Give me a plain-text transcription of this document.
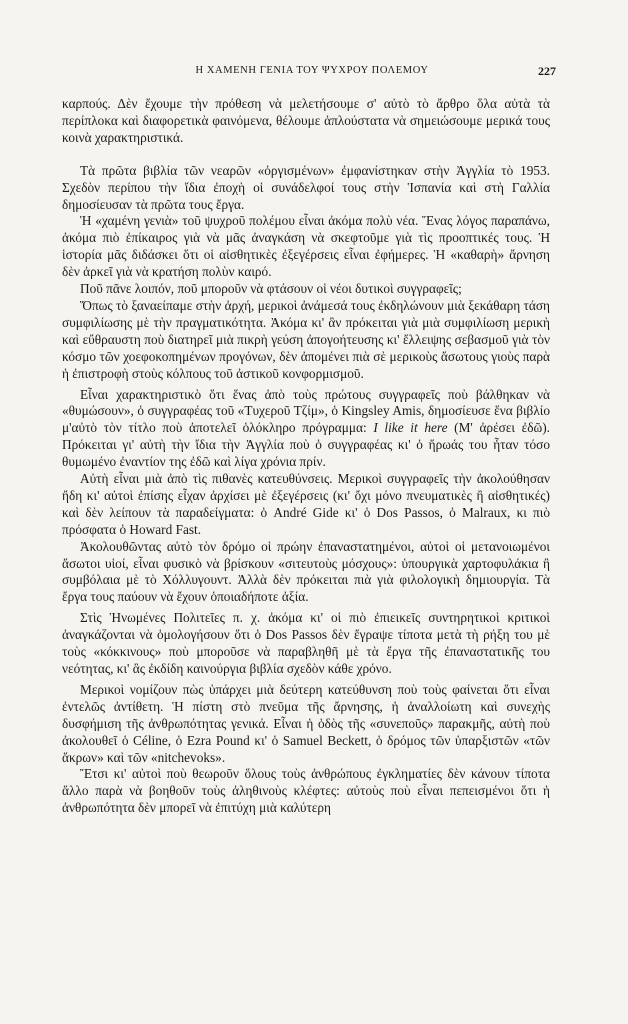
Η ΧΑΜΕΝΗ ΓΕΝΙΑ ΤΟΥ ΨΥΧΡΟΥ ΠΟΛΕΜΟΥ	227

καρπούς. Δὲν ἔχουμε τὴν πρόθεση νὰ μελετήσουμε σ' αὐτὸ τὸ ἄρθρο ὅλα αὐτὰ τὰ περίπλοκα καὶ διαφορετικὰ φαινόμενα, θέλουμε ἁπλούστατα νὰ σημειώσουμε μερικά τους κοινὰ χαρακτηριστικά.

Τὰ πρῶτα βιβλία τῶν νεαρῶν «ὀργισμένων» ἐμφανίστηκαν στὴν Ἀγγλία τὸ 1953. Σχεδὸν περίπου τὴν ἴδια ἐποχὴ οἱ συνάδελφοί τους στὴν Ἱσπανία καὶ στὴ Γαλλία δημοσίευσαν τὰ πρῶτα τους ἔργα.

Ἡ «χαμένη γενιὰ» τοῦ ψυχροῦ πολέμου εἶναι ἀκόμα πολὺ νέα. Ἕνας λόγος παραπάνω, ἀκόμα πιὸ ἐπίκαιρος γιὰ νὰ μᾶς ἀναγκάση νὰ σκεφτοῦμε γιὰ τὶς προοπτικές τους. Ἡ ἱστορία μᾶς διδάσκει ὅτι οἱ αἰσθητικὲς ἐξεγέρσεις εἶναι ἐφήμερες. Ἡ «καθαρὴ» ἄρνηση δὲν ἀρκεῖ γιὰ νὰ κρατήση πολὺν καιρό.

Ποῦ πᾶνε λοιπόν, ποῦ μποροῦν νὰ φτάσουν οἱ νέοι δυτικοὶ συγγραφεῖς;

Ὅπως τὸ ξαναείπαμε στὴν ἀρχή, μερικοὶ ἀνάμεσά τους ἐκδηλώνουν μιὰ ξεκάθαρη τάση συμφιλίωσης μὲ τὴν πραγματικότητα. Ἀκόμα κι' ἂν πρόκειται γιὰ μιὰ συμφιλίωση μερικὴ καὶ εὔθραυστη ποὺ διατηρεῖ μιὰ πικρὴ γεύση ἀπογοήτευσης κι' ἔλλειψης σεβασμοῦ γιὰ τὸν κόσμο τῶν χοεφοκοπημένων προγόνων, δὲν ἀπομένει πιὰ σὲ μερικοὺς ἄσωτους γιοὺς παρὰ ἡ ἐπιστροφὴ στοὺς κόλπους τοῦ ἀστικοῦ κονφορμισμοῦ.

Εἶναι χαρακτηριστικὸ ὅτι ἕνας ἀπὸ τοὺς πρώτους συγγραφεῖς ποὺ βάλθηκαν νὰ «θυμώσουν», ὁ συγγραφέας τοῦ «Τυχεροῦ Τζίμ», ὁ Kingsley Amis, δημοσίευσε ἕνα βιβλίο μ'αὐτὸ τὸν τίτλο ποὺ ἀποτελεῖ ὁλόκληρο πρόγραμμα: I like it here (Μ' ἀρέσει ἐδῶ). Πρόκειται γι' αὐτὴ τὴν ἴδια τὴν Ἀγγλία ποὺ ὁ συγγραφέας κι' ὁ ἥρωάς του ἦταν τόσο θυμωμένο ἐναντίον της ἐδῶ καὶ λίγα χρόνια πρίν.

Αὐτὴ εἶναι μιὰ ἀπὸ τὶς πιθανὲς κατευθύνσεις. Μερικοὶ συγγραφεῖς τὴν ἀκολούθησαν ἤδη κι' αὐτοὶ ἐπίσης εἶχαν ἀρχίσει μὲ ἐξεγέρσεις (κι' ὄχι μόνο πνευματικὲς ἢ αἰσθητικές) καὶ δὲν λείπουν τὰ παραδείγματα: ὁ André Gide κι' ὁ Dos Passos, ὁ Malraux, κι πιὸ πρόσφατα ὁ Howard Fast.

Ἀκολουθῶντας αὐτὸ τὸν δρόμο οἱ πρώην ἐπαναστατημένοι, αὐτοὶ οἱ μετανοιωμένοι ἄσωτοι υἱοί, εἶναι φυσικὸ νὰ βρίσκουν «σιτευτοὺς μόσχους»: ὑπουργικὰ χαρτοφυλάκια ἢ συμβόλαια μὲ τὸ Χόλλυγουντ. Ἀλλὰ δὲν πρόκειται πιὰ γιὰ φιλολογικὴ δημιουργία. Τὰ ἔργα τους παύουν νὰ ἔχουν ὁποιαδήποτε ἀξία.

Στὶς Ἡνωμένες Πολιτεῖες π. χ. ἀκόμα κι' οἱ πιὸ ἐπιεικεῖς συντηρητικοὶ κριτικοὶ ἀναγκάζονται νὰ ὁμολογήσουν ὅτι ὁ Dos Passos δὲν ἔγραψε τίποτα μετὰ τὴ ρήξη του μὲ τοὺς «κόκκινους» ποὺ μποροῦσε νὰ παραβληθῆ μὲ τὰ ἔργα τῆς ἐπαναστατικῆς του νεότητας, κι' ἂς ἐκδίδη καινούργια βιβλία σχεδὸν κάθε χρόνο.

Μερικοὶ νομίζουν πὼς ὑπάρχει μιὰ δεύτερη κατεύθυνση ποὺ τοὺς φαίνεται ὅτι εἶναι ἐντελῶς ἀντίθετη. Ἡ πίστη στὸ πνεῦμα τῆς ἄρνησης, ἡ ἀναλλοίωτη καὶ συνεχὴς δυσφήμιση τῆς ἀνθρωπότητας γενικά. Εἶναι ἡ ὁδὸς τῆς «συνεποῦς» παρακμῆς, αὐτὴ ποὺ ἀκολουθεῖ ὁ Céline, ὁ Ezra Pound κι' ὁ Samuel Beckett, ὁ δρόμος τῶν ὑπαρξιστῶν «τῶν ἄκρων» καὶ τῶν «nitchevoks».

Ἔτσι κι' αὐτοὶ ποὺ θεωροῦν ὅλους τοὺς ἀνθρώπους ἐγκληματίες δὲν κάνουν τίποτα ἄλλο παρὰ νὰ βοηθοῦν τοὺς ἀληθινοὺς κλέφτες: αὐτοὺς ποὺ εἶναι πεπεισμένοι ὅτι ἡ ἀνθρωπότητα δὲν μπορεῖ νὰ ἐπιτύχη μιὰ καλύτερη
